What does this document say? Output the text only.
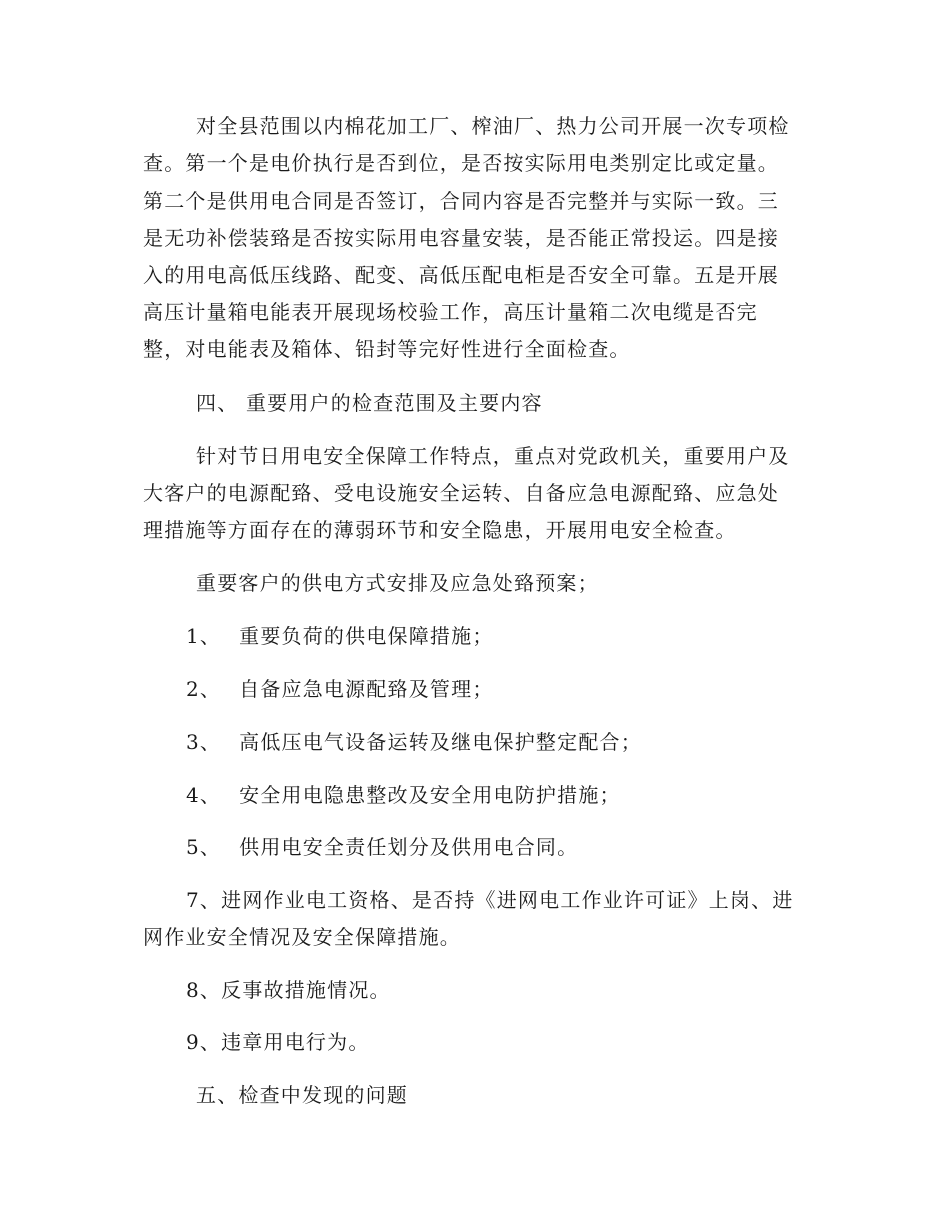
对全县范围以内棉花加工厂、榨油厂、热力公司开展一次专项检
查。第一个是电价执行是否到位，是否按实际用电类别定比或定量。
第二个是供用电合同是否签订，合同内容是否完整并与实际一致。三
是无功补偿装臵是否按实际用电容量安装，是否能正常投运。四是接
入的用电高低压线路、配变、高低压配电柜是否安全可靠。五是开展
高压计量箱电能表开展现场校验工作，高压计量箱二次电缆是否完
整，对电能表及箱体、铅封等完好性进行全面检查。
四、 重要用户的检查范围及主要内容
针对节日用电安全保障工作特点，重点对党政机关，重要用户及
大客户的电源配臵、受电设施安全运转、自备应急电源配臵、应急处
理措施等方面存在的薄弱环节和安全隐患，开展用电安全检查。
重要客户的供电方式安排及应急处臵预案；
1、 重要负荷的供电保障措施；
2、 自备应急电源配臵及管理；
3、 高低压电气设备运转及继电保护整定配合；
4、 安全用电隐患整改及安全用电防护措施；
5、 供用电安全责任划分及供用电合同。
7、进网作业电工资格、是否持《进网电工作业许可证》上岗、进
网作业安全情况及安全保障措施。
8、反事故措施情况。
9、违章用电行为。
五、检查中发现的问题
